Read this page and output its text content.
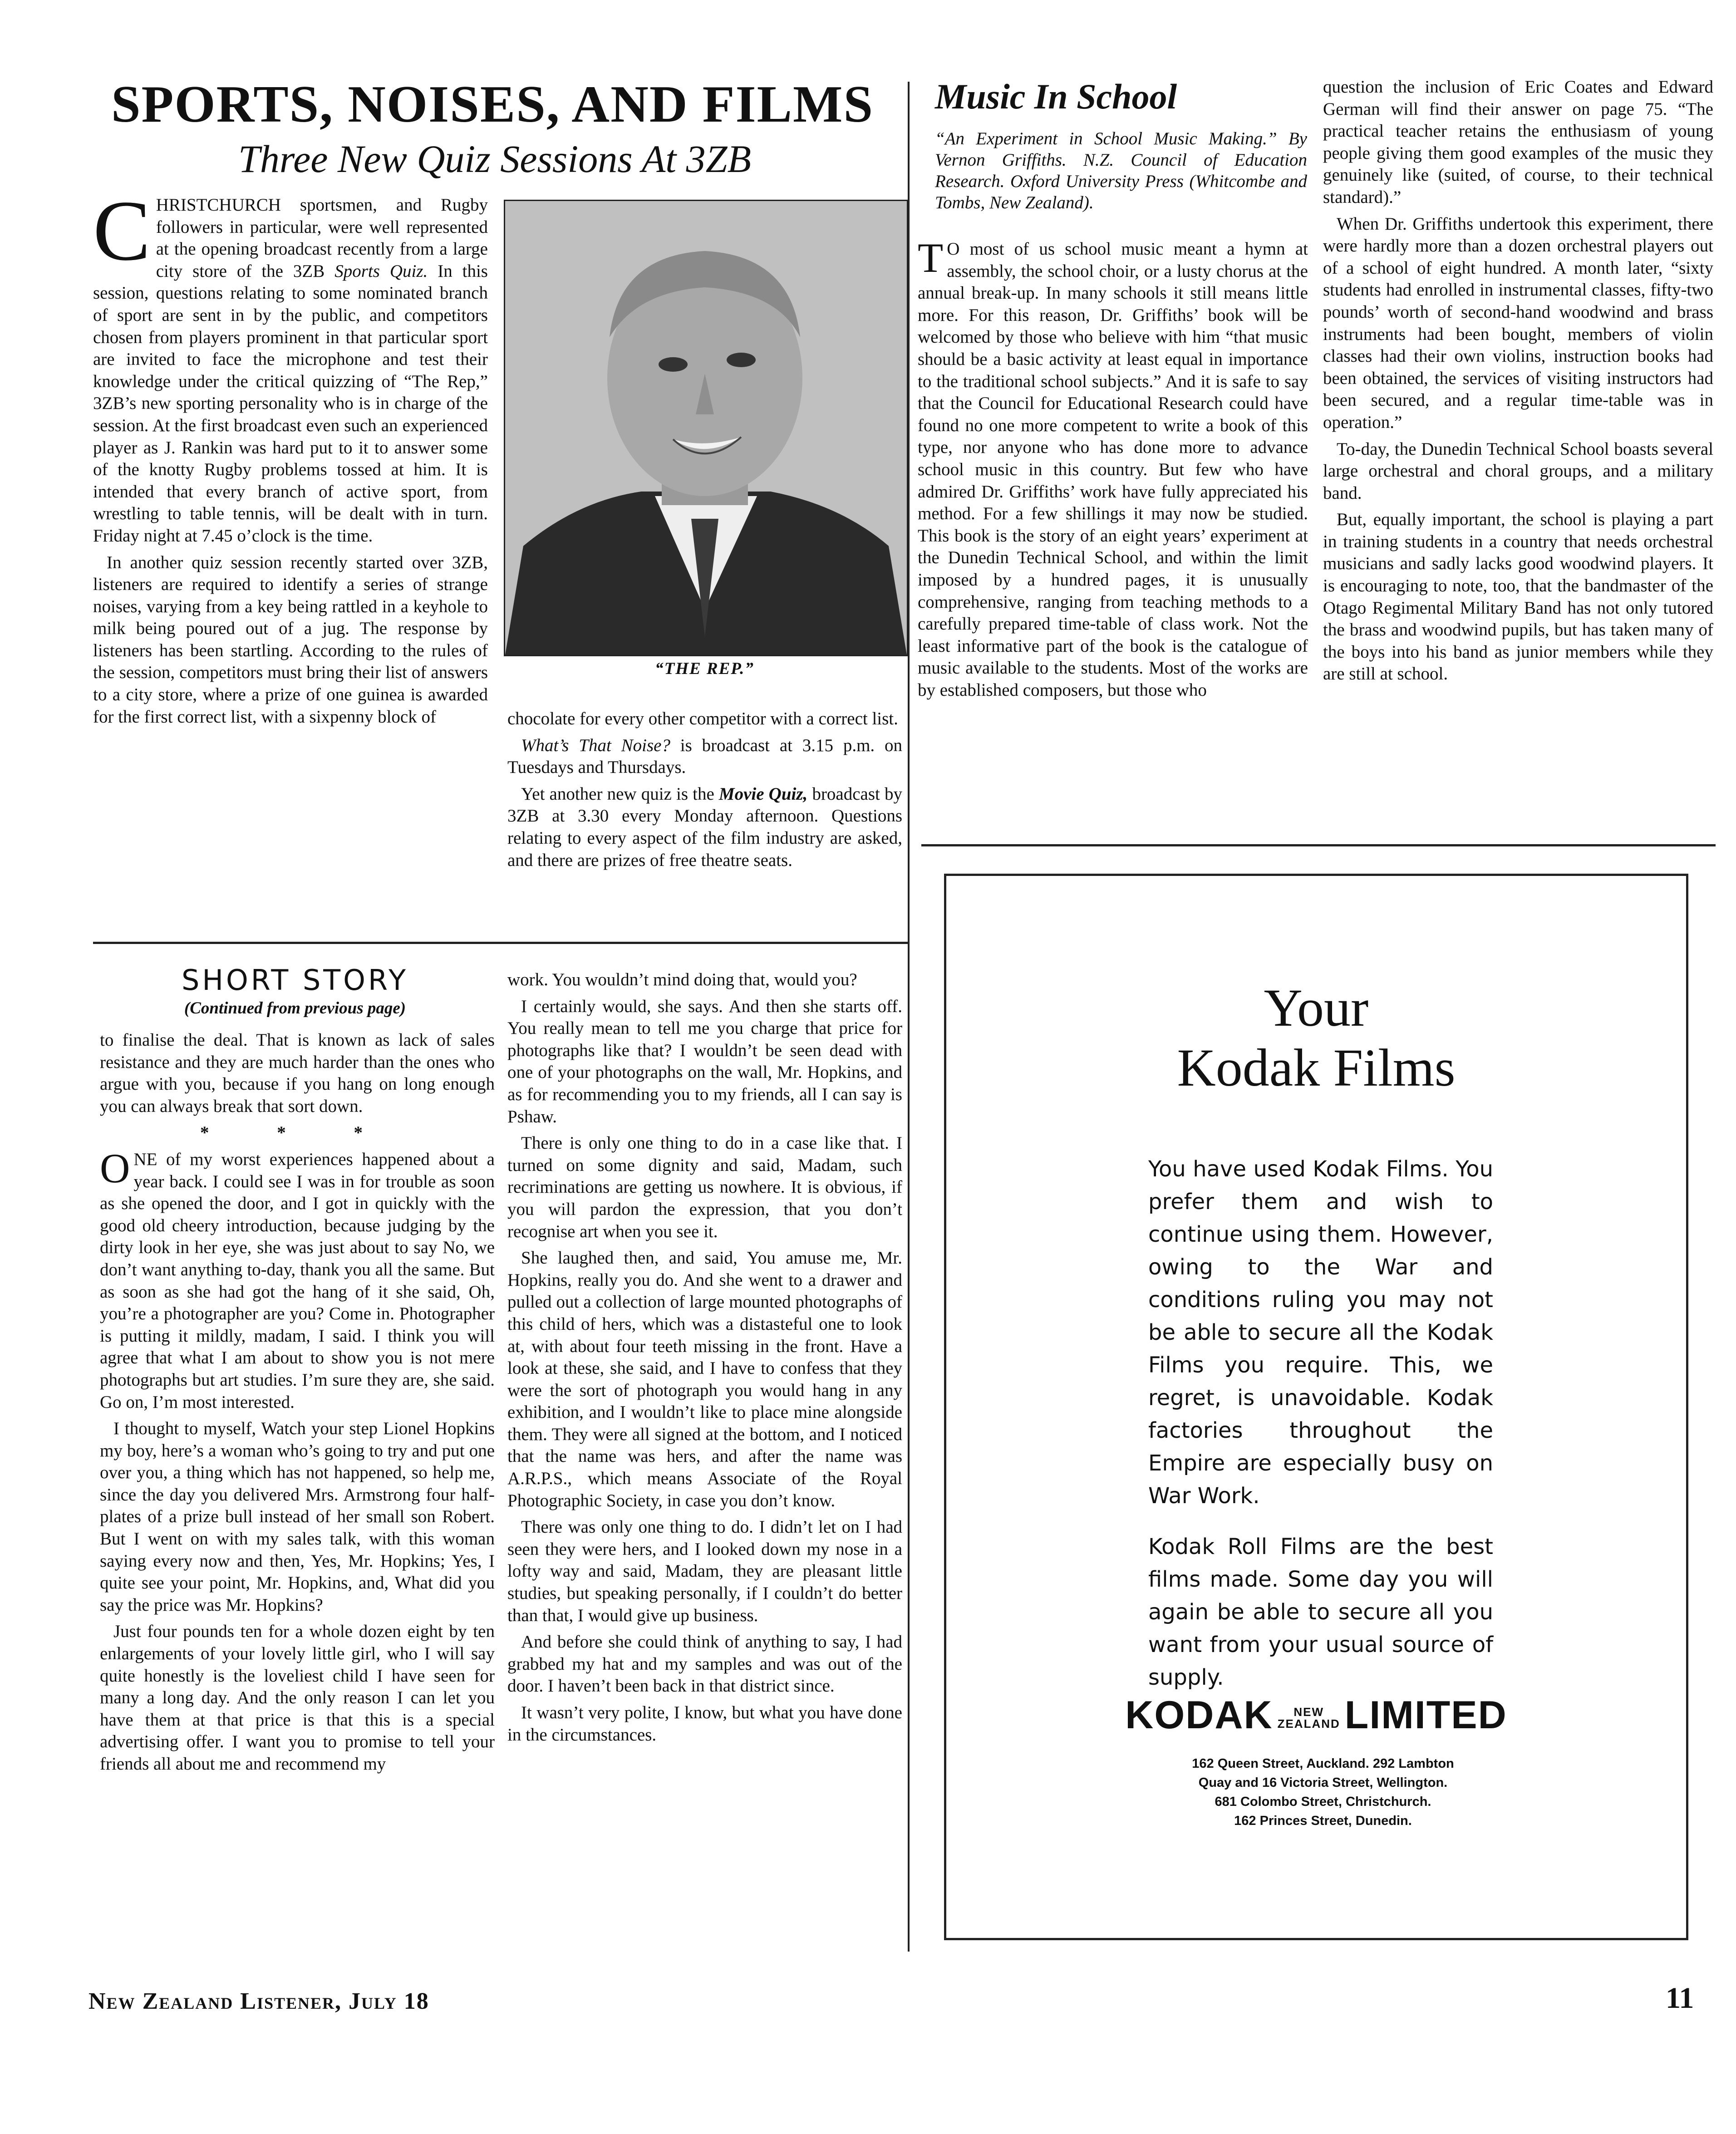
SPORTS, NOISES, AND FILMS
Three New Quiz Sessions At 3ZB

CHRISTCHURCH sportsmen, and Rugby followers in particular, were well represented at the opening broadcast recently from a large city store of the 3ZB Sports Quiz. In this session, questions relating to some nominated branch of sport are sent in by the public, and competitors chosen from players prominent in that particular sport are invited to face the microphone and test their knowledge under the critical quizzing of “The Rep,” 3ZB’s new sporting personality who is in charge of the session. At the first broadcast even such an experienced player as J. Rankin was hard put to it to answer some of the knotty Rugby problems tossed at him. It is intended that every branch of active sport, from wrestling to table tennis, will be dealt with in turn. Friday night at 7.45 o’clock is the time.

In another quiz session recently started over 3ZB, listeners are required to identify a series of strange noises, varying from a key being rattled in a keyhole to milk being poured out of a jug. The response by listeners has been startling. According to the rules of the session, competitors must bring their list of answers to a city store, where a prize of one guinea is awarded for the first correct list, with a sixpenny block of

“THE REP.”

chocolate for every other competitor with a correct list.

What’s That Noise? is broadcast at 3.15 p.m. on Tuesdays and Thursdays.

Yet another new quiz is the Movie Quiz, broadcast by 3ZB at 3.30 every Monday afternoon. Questions relating to every aspect of the film industry are asked, and there are prizes of free theatre seats.

Music In School
“An Experiment in School Music Making.” By Vernon Griffiths. N.Z. Council of Education Research. Oxford University Press (Whitcombe and Tombs, New Zealand).

T O most of us school music meant a hymn at assembly, the school choir, or a lusty chorus at the annual break-up. In many schools it still means little more. For this reason, Dr. Griffiths’ book will be welcomed by those who believe with him “that music should be a basic activity at least equal in importance to the traditional school subjects.” And it is safe to say that the Council for Educational Research could have found no one more competent to write a book of this type, nor anyone who has done more to advance school music in this country. But few who have admired Dr. Griffiths’ work have fully appreciated his method. For a few shillings it may now be studied. This book is the story of an eight years’ experiment at the Dunedin Technical School, and within the limit imposed by a hundred pages, it is unusually comprehensive, ranging from teaching methods to a carefully prepared time-table of class work. Not the least informative part of the book is the catalogue of music available to the students. Most of the works are by established composers, but those who

question the inclusion of Eric Coates and Edward German will find their answer on page 75. “The practical teacher retains the enthusiasm of young people giving them good examples of the music they genuinely like (suited, of course, to their technical standard).”

When Dr. Griffiths undertook this experiment, there were hardly more than a dozen orchestral players out of a school of eight hundred. A month later, “sixty students had enrolled in instrumental classes, fifty-two pounds’ worth of second-hand woodwind and brass instruments had been bought, members of violin classes had their own violins, instruction books had been obtained, the services of visiting instructors had been secured, and a regular time-table was in operation.”

To-day, the Dunedin Technical School boasts several large orchestral and choral groups, and a military band.

But, equally important, the school is playing a part in training students in a country that needs orchestral musicians and sadly lacks good woodwind players. It is encouraging to note, too, that the bandmaster of the Otago Regimental Military Band has not only tutored the brass and woodwind pupils, but has taken many of the boys into his band as junior members while they are still at school.

SHORT STORY
(Continued from previous page)

to finalise the deal. That is known as lack of sales resistance and they are much harder than the ones who argue with you, because if you hang on long enough you can always break that sort down.

* * *

ONE of my worst experiences happened about a year back. I could see I was in for trouble as soon as she opened the door, and I got in quickly with the good old cheery introduction, because judging by the dirty look in her eye, she was just about to say No, we don’t want anything to-day, thank you all the same. But as soon as she had got the hang of it she said, Oh, you’re a photographer are you? Come in. Photographer is putting it mildly, madam, I said. I think you will agree that what I am about to show you is not mere photographs but art studies. I’m sure they are, she said. Go on, I’m most interested.

I thought to myself, Watch your step Lionel Hopkins my boy, here’s a woman who’s going to try and put one over you, a thing which has not happened, so help me, since the day you delivered Mrs. Armstrong four half-plates of a prize bull instead of her small son Robert. But I went on with my sales talk, with this woman saying every now and then, Yes, Mr. Hopkins; Yes, I quite see your point, Mr. Hopkins, and, What did you say the price was Mr. Hopkins?

Just four pounds ten for a whole dozen eight by ten enlargements of your lovely little girl, who I will say quite honestly is the loveliest child I have seen for many a long day. And the only reason I can let you have them at that price is that this is a special advertising offer. I want you to promise to tell your friends all about me and recommend my

work. You wouldn’t mind doing that, would you?

I certainly would, she says. And then she starts off. You really mean to tell me you charge that price for photographs like that? I wouldn’t be seen dead with one of your photographs on the wall, Mr. Hopkins, and as for recommending you to my friends, all I can say is Pshaw.

There is only one thing to do in a case like that. I turned on some dignity and said, Madam, such recriminations are getting us nowhere. It is obvious, if you will pardon the expression, that you don’t recognise art when you see it.

She laughed then, and said, You amuse me, Mr. Hopkins, really you do. And she went to a drawer and pulled out a collection of large mounted photographs of this child of hers, which was a distasteful one to look at, with about four teeth missing in the front. Have a look at these, she said, and I have to confess that they were the sort of photograph you would hang in any exhibition, and I wouldn’t like to place mine alongside them. They were all signed at the bottom, and I noticed that the name was hers, and after the name was A.R.P.S., which means Associate of the Royal Photographic Society, in case you don’t know.

There was only one thing to do. I didn’t let on I had seen they were hers, and I looked down my nose in a lofty way and said, Madam, they are pleasant little studies, but speaking personally, if I couldn’t do better than that, I would give up business.

And before she could think of anything to say, I had grabbed my hat and my samples and was out of the door. I haven’t been back in that district since.

It wasn’t very polite, I know, but what you have done in the circumstances.

Your
Kodak Films

You have used Kodak Films. You prefer them and wish to continue using them. However, owing to the War and conditions ruling you may not be able to secure all the Kodak Films you require. This, we regret, is unavoidable. Kodak factories throughout the Empire are especially busy on War Work.

Kodak Roll Films are the best films made. Some day you will again be able to secure all you want from your usual source of supply.

KODAK NEW
ZEALAND LIMITED
162 Queen Street, Auckland. 292 Lambton
Quay and 16 Victoria Street, Wellington.
681 Colombo Street, Christchurch.
162 Princes Street, Dunedin.
New Zealand Listener, July 18	11
